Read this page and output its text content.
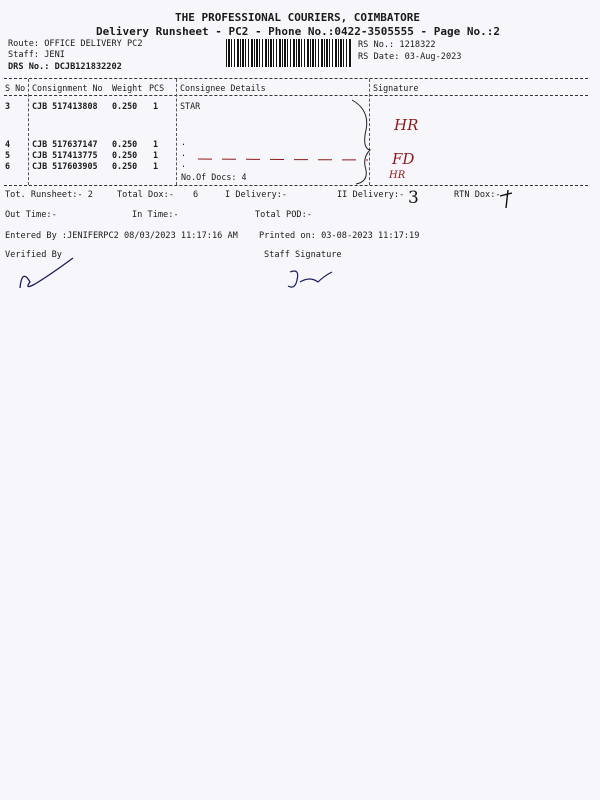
THE PROFESSIONAL COURIERS, COIMBATORE
Delivery Runsheet - PC2 - Phone No.:0422-3505555 - Page No.:2
Route: OFFICE DELIVERY PC2
Staff: JENI
DRS No.: DCJB121832202
RS No.: 1218322
RS Date: 03-Aug-2023
S No Consignment No Weight PCS Consignee Details	Signature
3	CJB 517413808 0.250 1	STAR
4	CJB 517637147 0.250 1	.
5	CJB 517413775 0.250 1	.
6	CJB 517603905 0.250 1	.
No.Of Docs: 4
HR
FD
HR
Tot. Runsheet:- 2	Total Dox:- 6	I Delivery:-	II Delivery:- 3	RTN Dox:-
Out Time:-	In Time:-	Total POD:-
Entered By :JENIFERPC2 08/03/2023 11:17:16 AM Printed on: 03-08-2023 11:17:19
Verified By	Staff Signature
